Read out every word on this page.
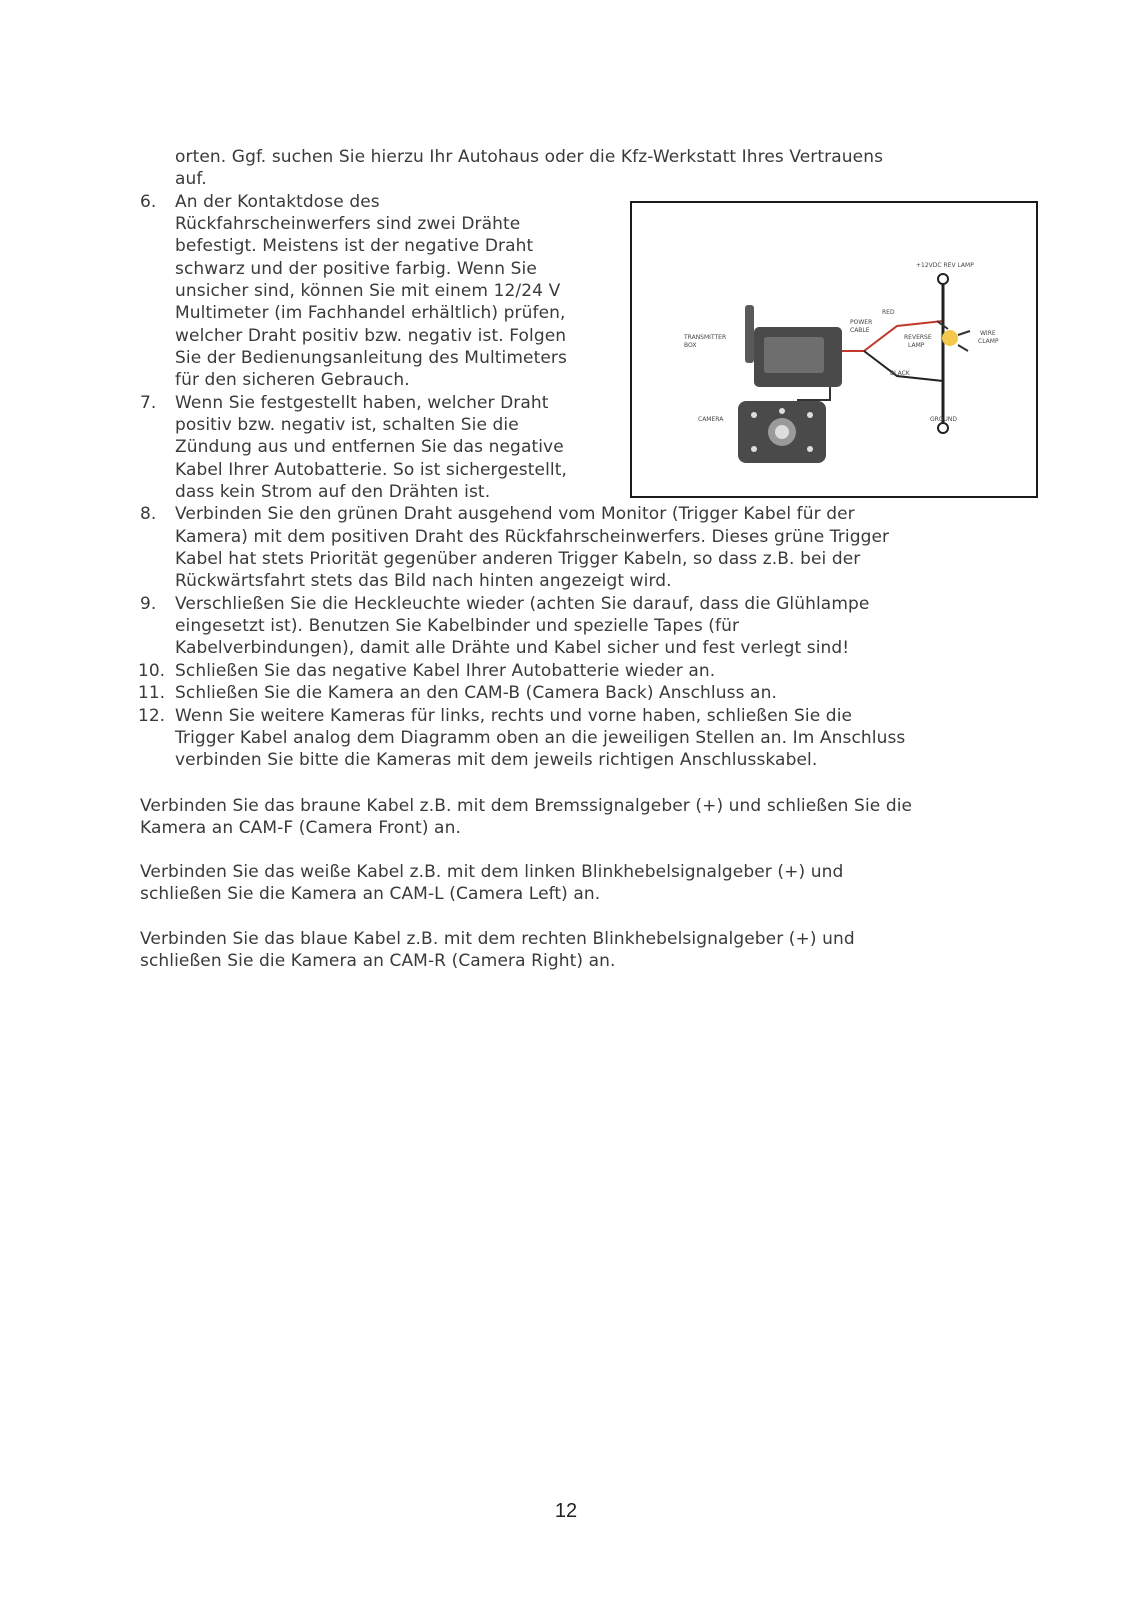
orten. Ggf. suchen Sie hierzu Ihr Autohaus oder die Kfz-Werkstatt Ihres Vertrauens
auf.
6. An der Kontaktdose des
Rückfahrscheinwerfers sind zwei Drähte
befestigt. Meistens ist der negative Draht
schwarz und der positive farbig. Wenn Sie
unsicher sind, können Sie mit einem 12/24 V
Multimeter (im Fachhandel erhältlich) prüfen,
welcher Draht positiv bzw. negativ ist. Folgen
Sie der Bedienungsanleitung des Multimeters
für den sicheren Gebrauch.
7. Wenn Sie festgestellt haben, welcher Draht
positiv bzw. negativ ist, schalten Sie die
Zündung aus und entfernen Sie das negative
Kabel Ihrer Autobatterie. So ist sichergestellt,
dass kein Strom auf den Drähten ist.
8. Verbinden Sie den grünen Draht ausgehend vom Monitor (Trigger Kabel für der
Kamera) mit dem positiven Draht des Rückfahrscheinwerfers. Dieses grüne Trigger
Kabel hat stets Priorität gegenüber anderen Trigger Kabeln, so dass z.B. bei der
Rückwärtsfahrt stets das Bild nach hinten angezeigt wird.
9. Verschließen Sie die Heckleuchte wieder (achten Sie darauf, dass die Glühlampe
eingesetzt ist). Benutzen Sie Kabelbinder und spezielle Tapes (für
Kabelverbindungen), damit alle Drähte und Kabel sicher und fest verlegt sind!
10. Schließen Sie das negative Kabel Ihrer Autobatterie wieder an.
11. Schließen Sie die Kamera an den CAM-B (Camera Back) Anschluss an.
12. Wenn Sie weitere Kameras für links, rechts und vorne haben, schließen Sie die
Trigger Kabel analog dem Diagramm oben an die jeweiligen Stellen an. Im Anschluss
verbinden Sie bitte die Kameras mit dem jeweils richtigen Anschlusskabel.
Verbinden Sie das braune Kabel z.B. mit dem Bremssignalgeber (+) und schließen Sie die
Kamera an CAM-F (Camera Front) an.
Verbinden Sie das weiße Kabel z.B. mit dem linken Blinkhebelsignalgeber (+) und
schließen Sie die Kamera an CAM-L (Camera Left) an.
Verbinden Sie das blaue Kabel z.B. mit dem rechten Blinkhebelsignalgeber (+) und
schließen Sie die Kamera an CAM-R (Camera Right) an.
+12VDC REV LAMP
RED
POWER
CABLE
TRANSMITTER
BOX
REVERSE
LAMP
WIRE
CLAMP
BLACK
CAMERA	GROUND
12
